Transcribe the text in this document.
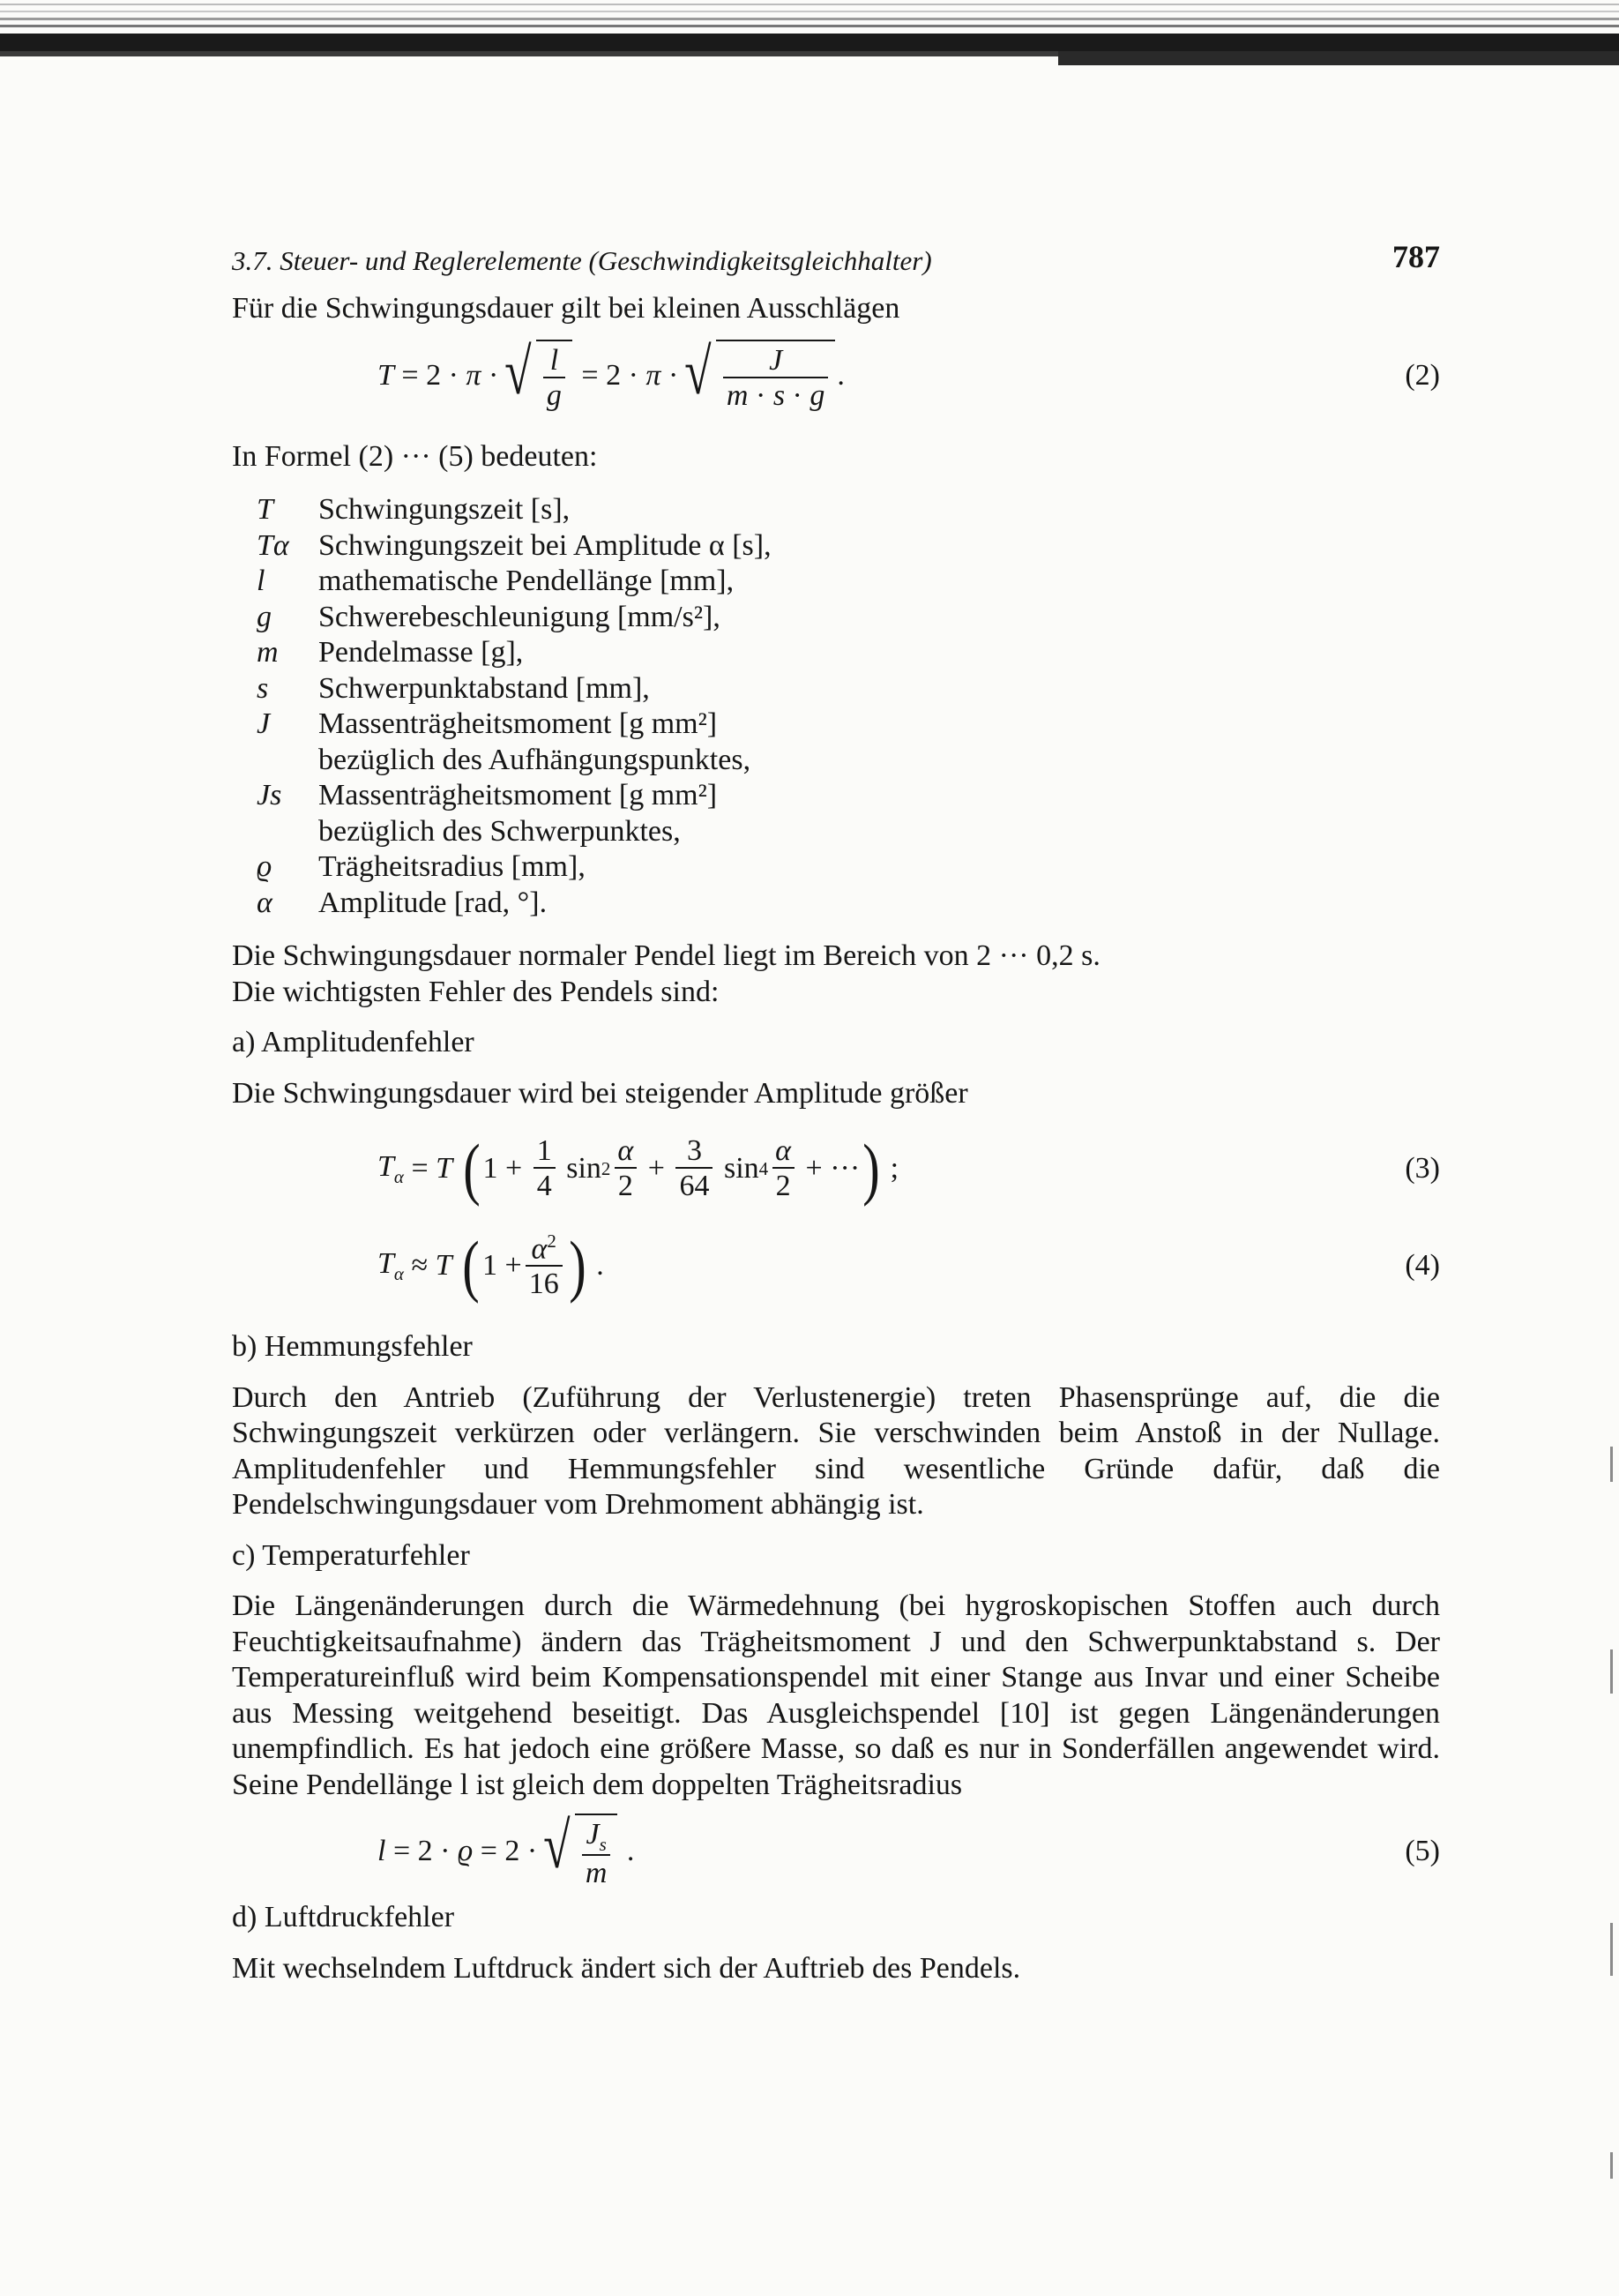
3.7. Steuer- und Reglerelemente (Geschwindigkeitsgleichhalter)	787

Für die Schwingungsdauer gilt bei kleinen Ausschlägen

T = 2 · π · √ $\frac{l}{g} = 2 \cdot \pi$ · √ $\frac{J}{m \cdot s \cdot g}$ .	(2)

In Formel (2) ··· (5) bedeuten:

T	Schwingungszeit [s],
Tα Schwingungszeit bei Amplitude α [s],
l	mathematische Pendellänge [mm],
g	Schwerebeschleunigung [mm/s²],
m	Pendelmasse [g],
s	Schwerpunktabstand [mm],
J	Massenträgheitsmoment [g mm²]
bezüglich des Aufhängungspunktes,
Js	Massenträgheitsmoment [g mm²]
bezüglich des Schwerpunktes,
ϱ	Trägheitsradius [mm],
α	Amplitude [rad, °].

Die Schwingungsdauer normaler Pendel liegt im Bereich von 2 ··· 0,2 s.

Die wichtigsten Fehler des Pendels sind:

a) Amplitudenfehler

Die Schwingungsdauer wird bei steigender Amplitude größer

$T_\alpha = T$
( $1 + \frac{1}{4}$ $\sin 2 \frac{\alpha}{2} + \frac{3}{64}$ $\sin 4 \frac{\alpha}{2}$ + ··· ) ;	(3)
$T_\alpha \approx T$
( $1 + \frac{\alpha^2}{16}$ ) .	(4)

b) Hemmungsfehler

Durch den Antrieb (Zuführung der Verlustenergie) treten Phasensprünge auf, die die Schwingungszeit verkürzen oder verlängern. Sie verschwinden beim Anstoß in der Nullage. Amplitudenfehler und Hemmungsfehler sind wesentliche Gründe dafür, daß die Pendelschwingungsdauer vom Drehmoment abhängig ist.

c) Temperaturfehler

Die Längenänderungen durch die Wärmedehnung (bei hygroskopischen Stoffen auch durch Feuchtigkeitsaufnahme) ändern das Trägheitsmoment J und den Schwerpunktabstand s. Der Temperatureinfluß wird beim Kompensationspendel mit einer Stange aus Invar und einer Scheibe aus Messing weitgehend beseitigt. Das Ausgleichspendel [10] ist gegen Längenänderungen unempfindlich. Es hat jedoch eine größere Masse, so daß es nur in Sonderfällen angewendet wird. Seine Pendellänge l ist gleich dem doppelten Trägheitsradius

l = 2 · ϱ = 2 · √ $\frac{J_s}{m}$ .	(5)

d) Luftdruckfehler

Mit wechselndem Luftdruck ändert sich der Auftrieb des Pendels.
